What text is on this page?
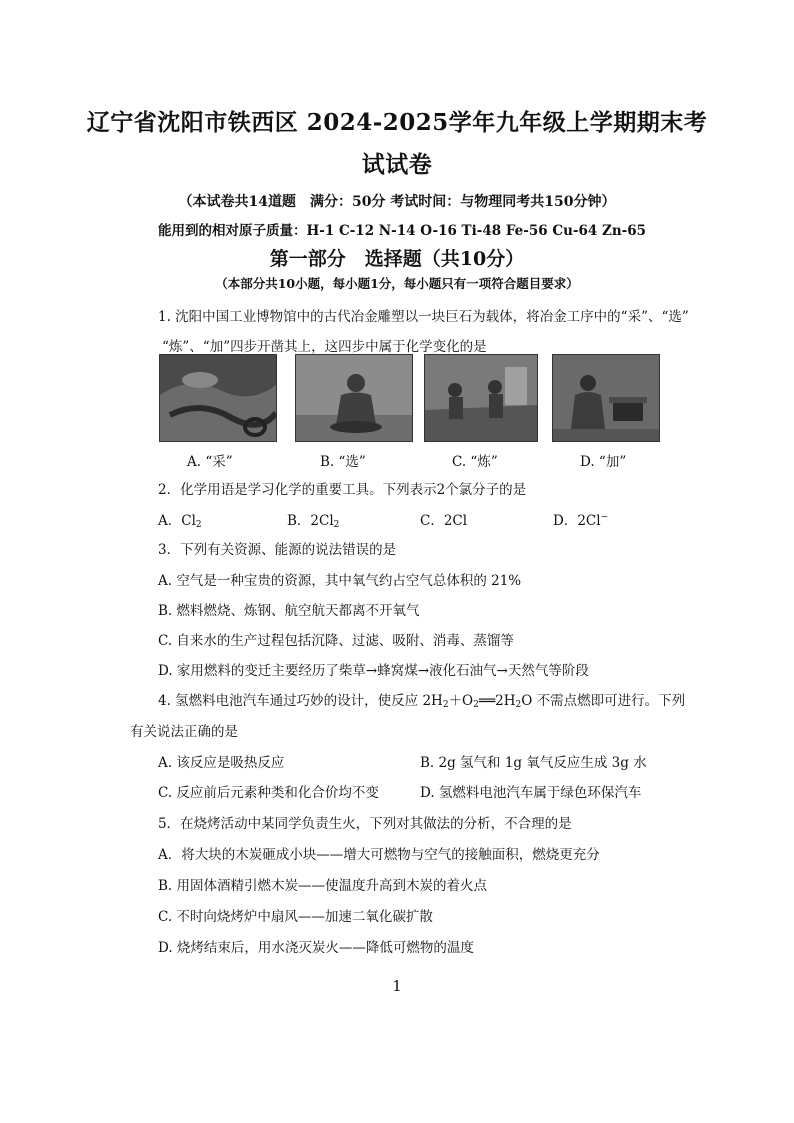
辽宁省沈阳市铁西区 2024-2025学年九年级上学期期末考
试试卷
（本试卷共14道题　满分：50分 考试时间：与物理同考共150分钟）
能用到的相对原子质量：H-1 C-12 N-14 O-16 Ti-48 Fe-56 Cu-64 Zn-65
第一部分　选择题（共10分）
（本部分共10小题，每小题1分，每小题只有一项符合题目要求）
1. 沈阳中国工业博物馆中的古代冶金雕塑以一块巨石为载体，将冶金工序中的“采”、“选”
“炼”、“加”四步开凿其上，这四步中属于化学变化的是
A. “采”	B. “选”	C. “炼”	D. “加”
2．化学用语是学习化学的重要工具。下列表示2个氯分子的是
A．$Cl_2$	B．$2Cl_2$	C．2Cl	D．2Cl−
3．下列有关资源、能源的说法错误的是
A. 空气是一种宝贵的资源，其中氧气约占空气总体积的 21%
B. 燃料燃烧、炼钢、航空航天都离不开氧气
C. 自来水的生产过程包括沉降、过滤、吸附、消毒、蒸馏等
D. 家用燃料的变迁主要经历了柴草→蜂窝煤→液化石油气→天然气等阶段
4. 氢燃料电池汽车通过巧妙的设计，使反应 $2H_2+O_2══2H_2O$ 不需点燃即可进行。下列
有关说法正确的是
A. 该反应是吸热反应	B. 2g 氢气和 1g 氧气反应生成 3g 水
C. 反应前后元素种类和化合价均不变	D. 氢燃料电池汽车属于绿色环保汽车
5．在烧烤活动中某同学负责生火，下列对其做法的分析，不合理的是
A．将大块的木炭砸成小块——增大可燃物与空气的接触面积，燃烧更充分
B. 用固体酒精引燃木炭——使温度升高到木炭的着火点
C. 不时向烧烤炉中扇风——加速二氧化碳扩散
D. 烧烤结束后，用水浇灭炭火——降低可燃物的温度
1
